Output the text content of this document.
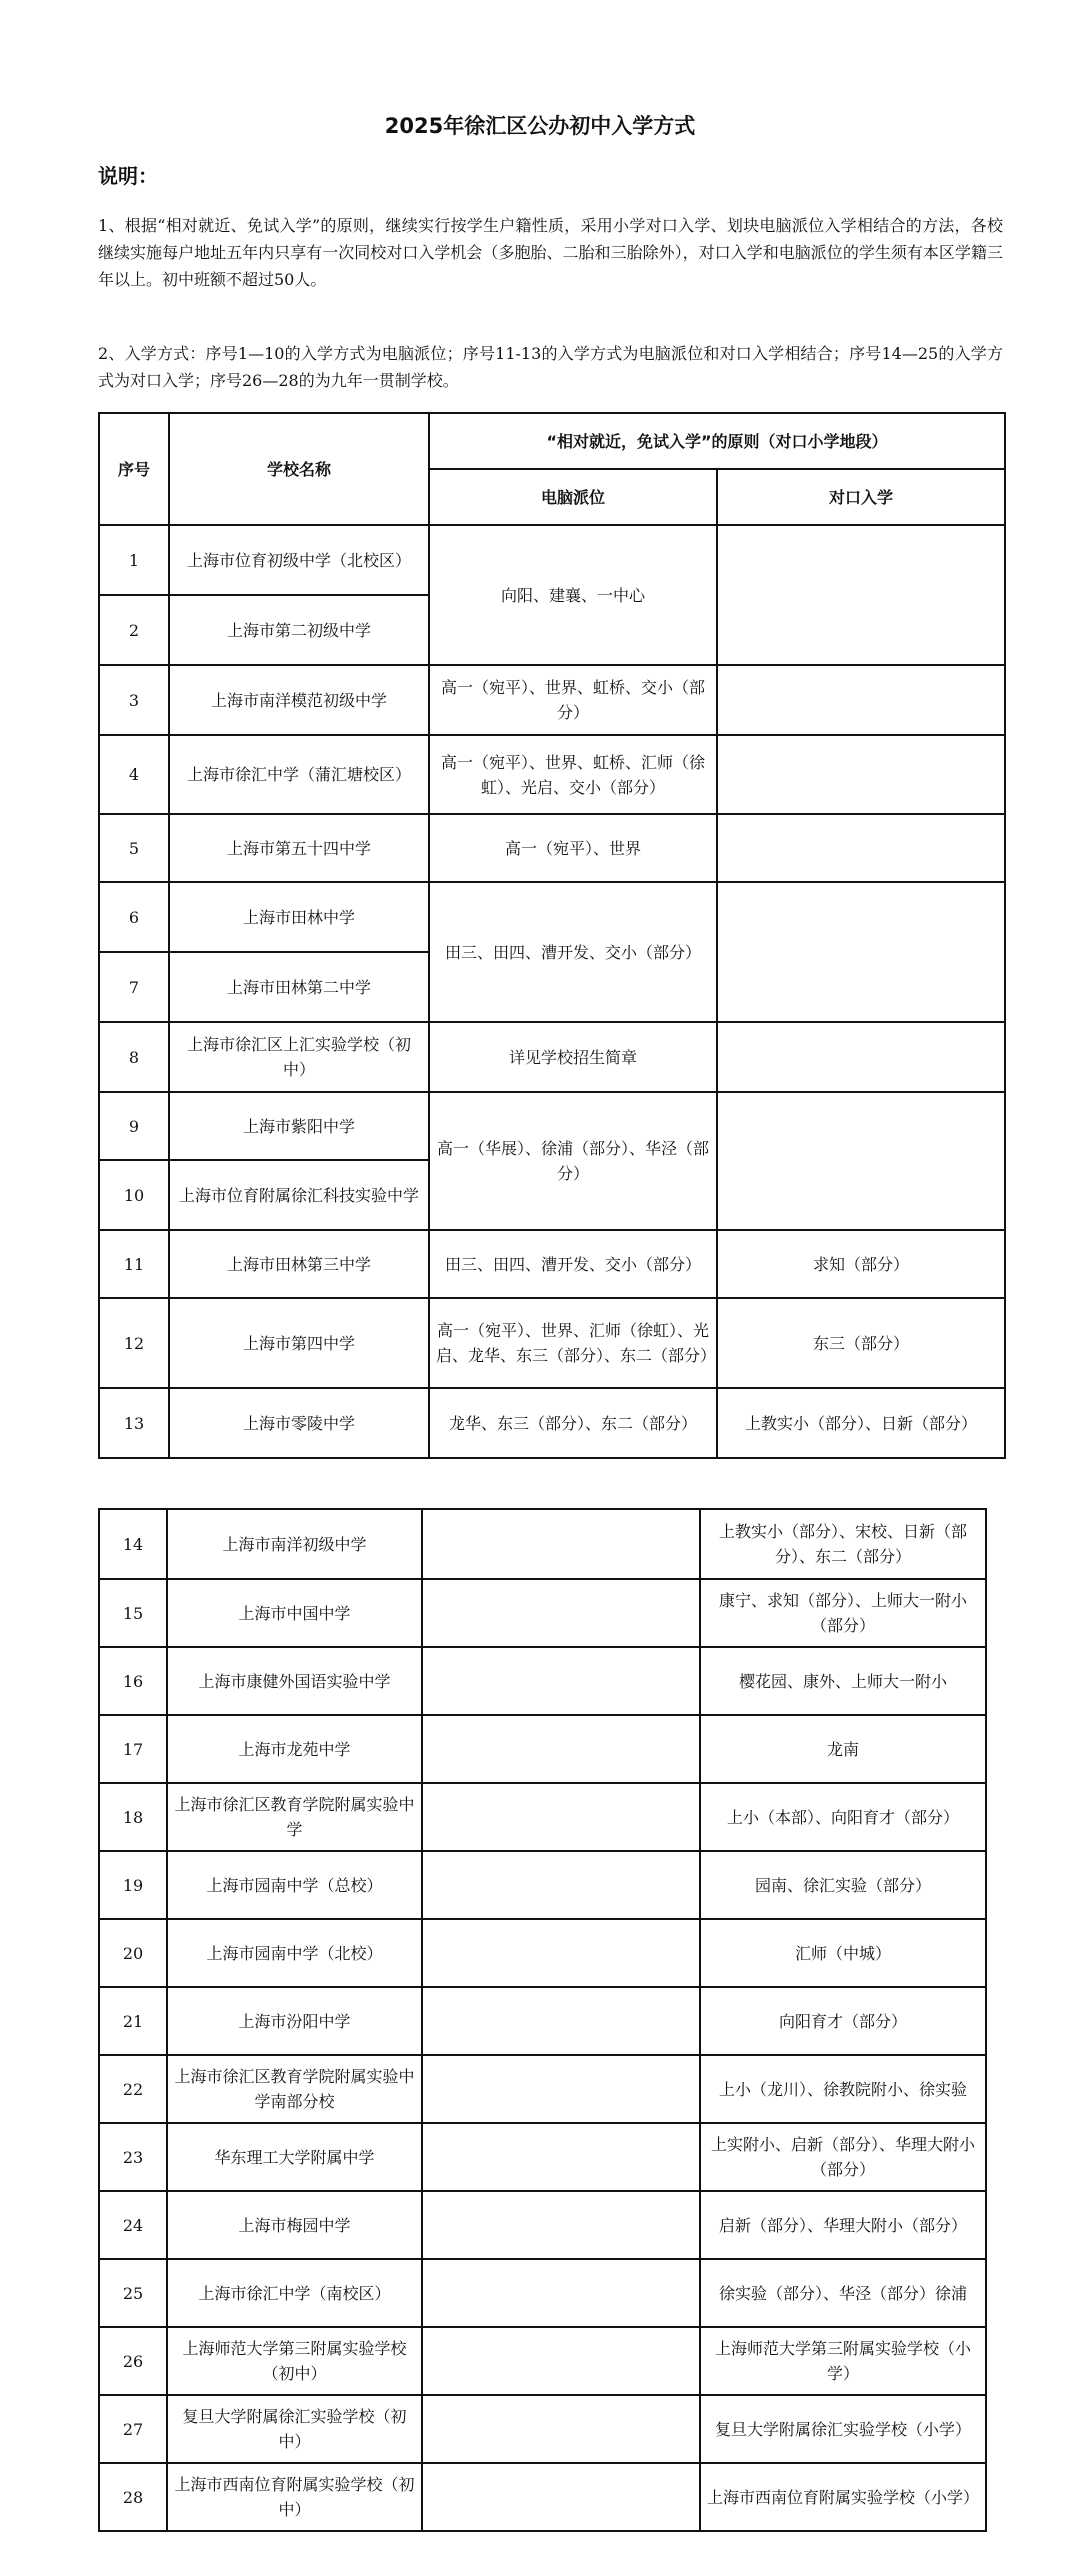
2025年徐汇区公办初中入学方式
说明：
1、根据“相对就近、免试入学”的原则，继续实行按学生户籍性质，采用小学对口入学、划块电脑派位入学相结合的方法，各校继续实施每户地址五年内只享有一次同校对口入学机会（多胞胎、二胎和三胎除外），对口入学和电脑派位的学生须有本区学籍三年以上。初中班额不超过50人。
2、入学方式：序号1—10的入学方式为电脑派位；序号11-13的入学方式为电脑派位和对口入学相结合；序号14—25的入学方式为对口入学；序号26—28的为九年一贯制学校。
序号	学校名称	“相对就近，免试入学”的原则（对口小学地段）	
		电脑派位	对口入学
1	上海市位育初级中学（北校区）	向阳、建襄、一中心	
2	上海市第二初级中学		
3	上海市南洋模范初级中学	高一（宛平）、世界、虹桥、交小（部分）	
4	上海市徐汇中学（蒲汇塘校区）	高一（宛平）、世界、虹桥、汇师（徐虹）、光启、交小（部分）	
5	上海市第五十四中学	高一（宛平）、世界	
6	上海市田林中学	田三、田四、漕开发、交小（部分）	
7	上海市田林第二中学		
8	上海市徐汇区上汇实验学校（初中）	详见学校招生简章	
9	上海市紫阳中学	高一（华展）、徐浦（部分）、华泾（部分）	
10	上海市位育附属徐汇科技实验中学		
11	上海市田林第三中学	田三、田四、漕开发、交小（部分）	求知（部分）
12	上海市第四中学	高一（宛平）、世界、汇师（徐虹）、光启、龙华、东三（部分）、东二（部分）	东三（部分）
13	上海市零陵中学	龙华、东三（部分）、东二（部分）	上教实小（部分）、日新（部分）
14	上海市南洋初级中学		上教实小（部分）、宋校、日新（部分）、东二（部分）
15	上海市中国中学		康宁、求知（部分）、上师大一附小（部分）
16	上海市康健外国语实验中学		樱花园、康外、上师大一附小
17	上海市龙苑中学		龙南
18	上海市徐汇区教育学院附属实验中学		上小（本部）、向阳育才（部分）
19	上海市园南中学（总校）		园南、徐汇实验（部分）
20	上海市园南中学（北校）		汇师（中城）
21	上海市汾阳中学		向阳育才（部分）
22	上海市徐汇区教育学院附属实验中学南部分校		上小（龙川）、徐教院附小、徐实验
23	华东理工大学附属中学		上实附小、启新（部分）、华理大附小（部分）
24	上海市梅园中学		启新（部分）、华理大附小（部分）
25	上海市徐汇中学（南校区）		徐实验（部分）、华泾（部分）徐浦
26	上海师范大学第三附属实验学校（初中）		上海师范大学第三附属实验学校（小学）
27	复旦大学附属徐汇实验学校（初中）		复旦大学附属徐汇实验学校（小学）
28	上海市西南位育附属实验学校（初中）		上海市西南位育附属实验学校（小学）
